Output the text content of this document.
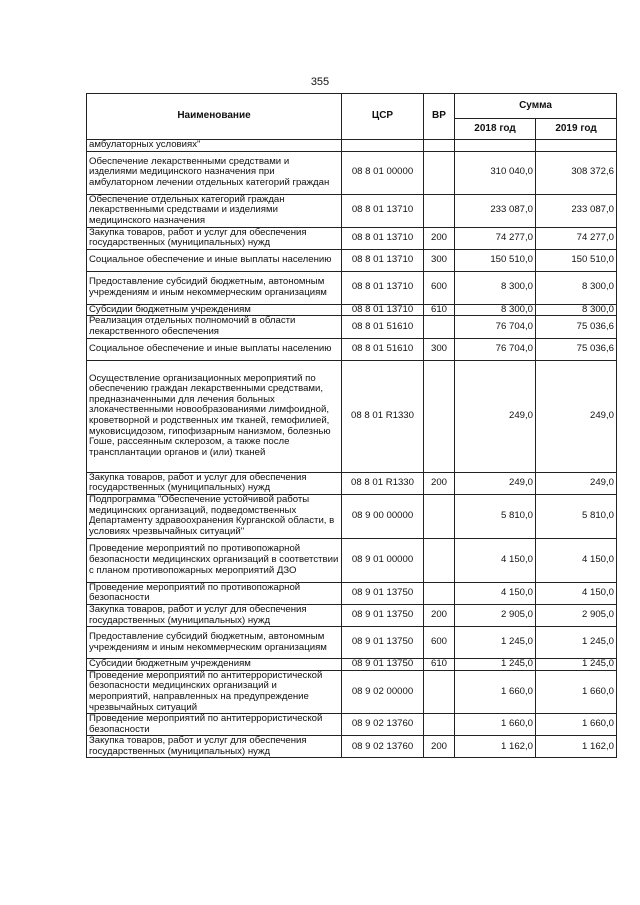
355
Наименование	ЦСР	ВР	Сумма	
			2018 год	2019 год
амбулаторных условиях"				
Обеспечение лекарственными средствами и изделиями медицинского назначения при амбулаторном лечении отдельных категорий граждан	08 8 01 00000		310 040,0	308 372,6
Обеспечение отдельных категорий граждан лекарственными средствами и изделиями медицинского назначения	08 8 01 13710		233 087,0	233 087,0
Закупка товаров, работ и услуг для обеспечения государственных (муниципальных) нужд	08 8 01 13710	200	74 277,0	74 277,0
Социальное обеспечение и иные выплаты населению	08 8 01 13710	300	150 510,0	150 510,0
Предоставление субсидий бюджетным, автономным учреждениям и иным некоммерческим организациям	08 8 01 13710	600	8 300,0	8 300,0
Субсидии бюджетным учреждениям	08 8 01 13710	610	8 300,0	8 300,0
Реализация отдельных полномочий в области лекарственного обеспечения	08 8 01 51610		76 704,0	75 036,6
Социальное обеспечение и иные выплаты населению	08 8 01 51610	300	76 704,0	75 036,6
Осуществление организационных мероприятий по обеспечению граждан лекарственными средствами, предназначенными для лечения больных злокачественными новообразованиями лимфоидной, кроветворной и родственных им тканей, гемофилией, муковисцидозом, гипофизарным нанизмом, болезнью Гоше, рассеянным склерозом, а также после трансплантации органов и (или) тканей	08 8 01 R1330		249,0	249,0
Закупка товаров, работ и услуг для обеспечения государственных (муниципальных) нужд	08 8 01 R1330	200	249,0	249,0
Подпрограмма "Обеспечение устойчивой работы медицинских организаций, подведомственных Департаменту здравоохранения Курганской области, в условиях чрезвычайных ситуаций"	08 9 00 00000		5 810,0	5 810,0
Проведение мероприятий по противопожарной безопасности медицинских организаций в соответствии с планом противопожарных мероприятий ДЗО	08 9 01 00000		4 150,0	4 150,0
Проведение мероприятий по противопожарной безопасности	08 9 01 13750		4 150,0	4 150,0
Закупка товаров, работ и услуг для обеспечения государственных (муниципальных) нужд	08 9 01 13750	200	2 905,0	2 905,0
Предоставление субсидий бюджетным, автономным учреждениям и иным некоммерческим организациям	08 9 01 13750	600	1 245,0	1 245,0
Субсидии бюджетным учреждениям	08 9 01 13750	610	1 245,0	1 245,0
Проведение мероприятий по антитеррористической безопасности медицинских организаций и мероприятий, направленных на предупреждение чрезвычайных ситуаций	08 9 02 00000		1 660,0	1 660,0
Проведение мероприятий по антитеррористической безопасности	08 9 02 13760		1 660,0	1 660,0
Закупка товаров, работ и услуг для обеспечения государственных (муниципальных) нужд	08 9 02 13760	200	1 162,0	1 162,0
